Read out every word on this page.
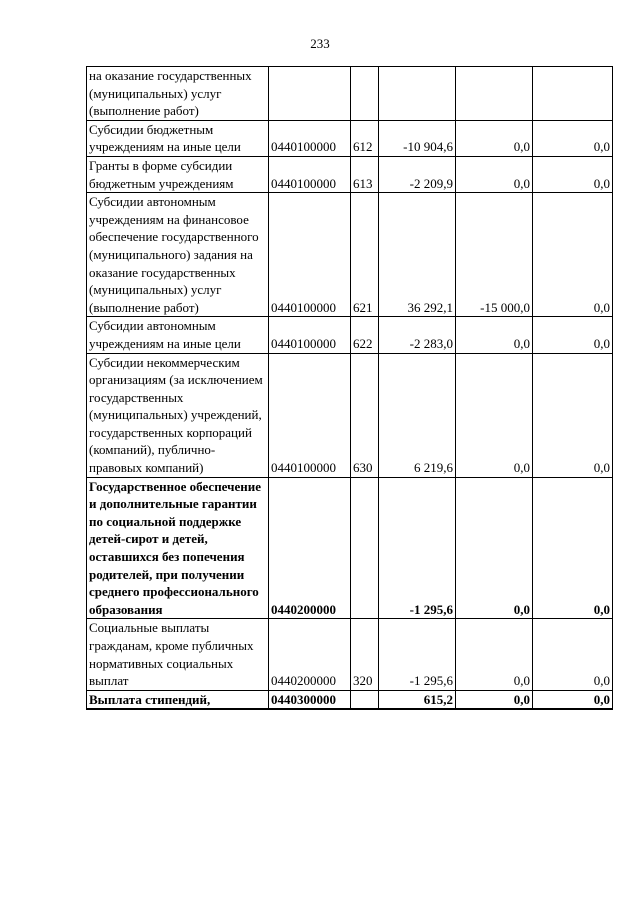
233
на оказание государственных (муниципальных) услуг (выполнение работ)					
Субсидии бюджетным учреждениям на иные цели	0440100000	612	-10 904,6	0,0	0,0
Гранты в форме субсидии бюджетным учреждениям	0440100000	613	-2 209,9	0,0	0,0
Субсидии автономным учреждениям на финансовое обеспечение государственного (муниципального) задания на оказание государственных (муниципальных) услуг (выполнение работ)	0440100000	621	36 292,1	-15 000,0	0,0
Субсидии автономным учреждениям на иные цели	0440100000	622	-2 283,0	0,0	0,0
Субсидии некоммерческим организациям (за исключением государственных (муниципальных) учреждений, государственных корпораций (компаний), публично-правовых компаний)	0440100000	630	6 219,6	0,0	0,0
Государственное обеспечение и дополнительные гарантии по социальной поддержке детей-сирот и детей, оставшихся без попечения родителей, при получении среднего профессионального образования	0440200000		-1 295,6	0,0	0,0
Социальные выплаты гражданам, кроме публичных нормативных социальных выплат	0440200000	320	-1 295,6	0,0	0,0
Выплата стипендий,	0440300000		615,2	0,0	0,0
